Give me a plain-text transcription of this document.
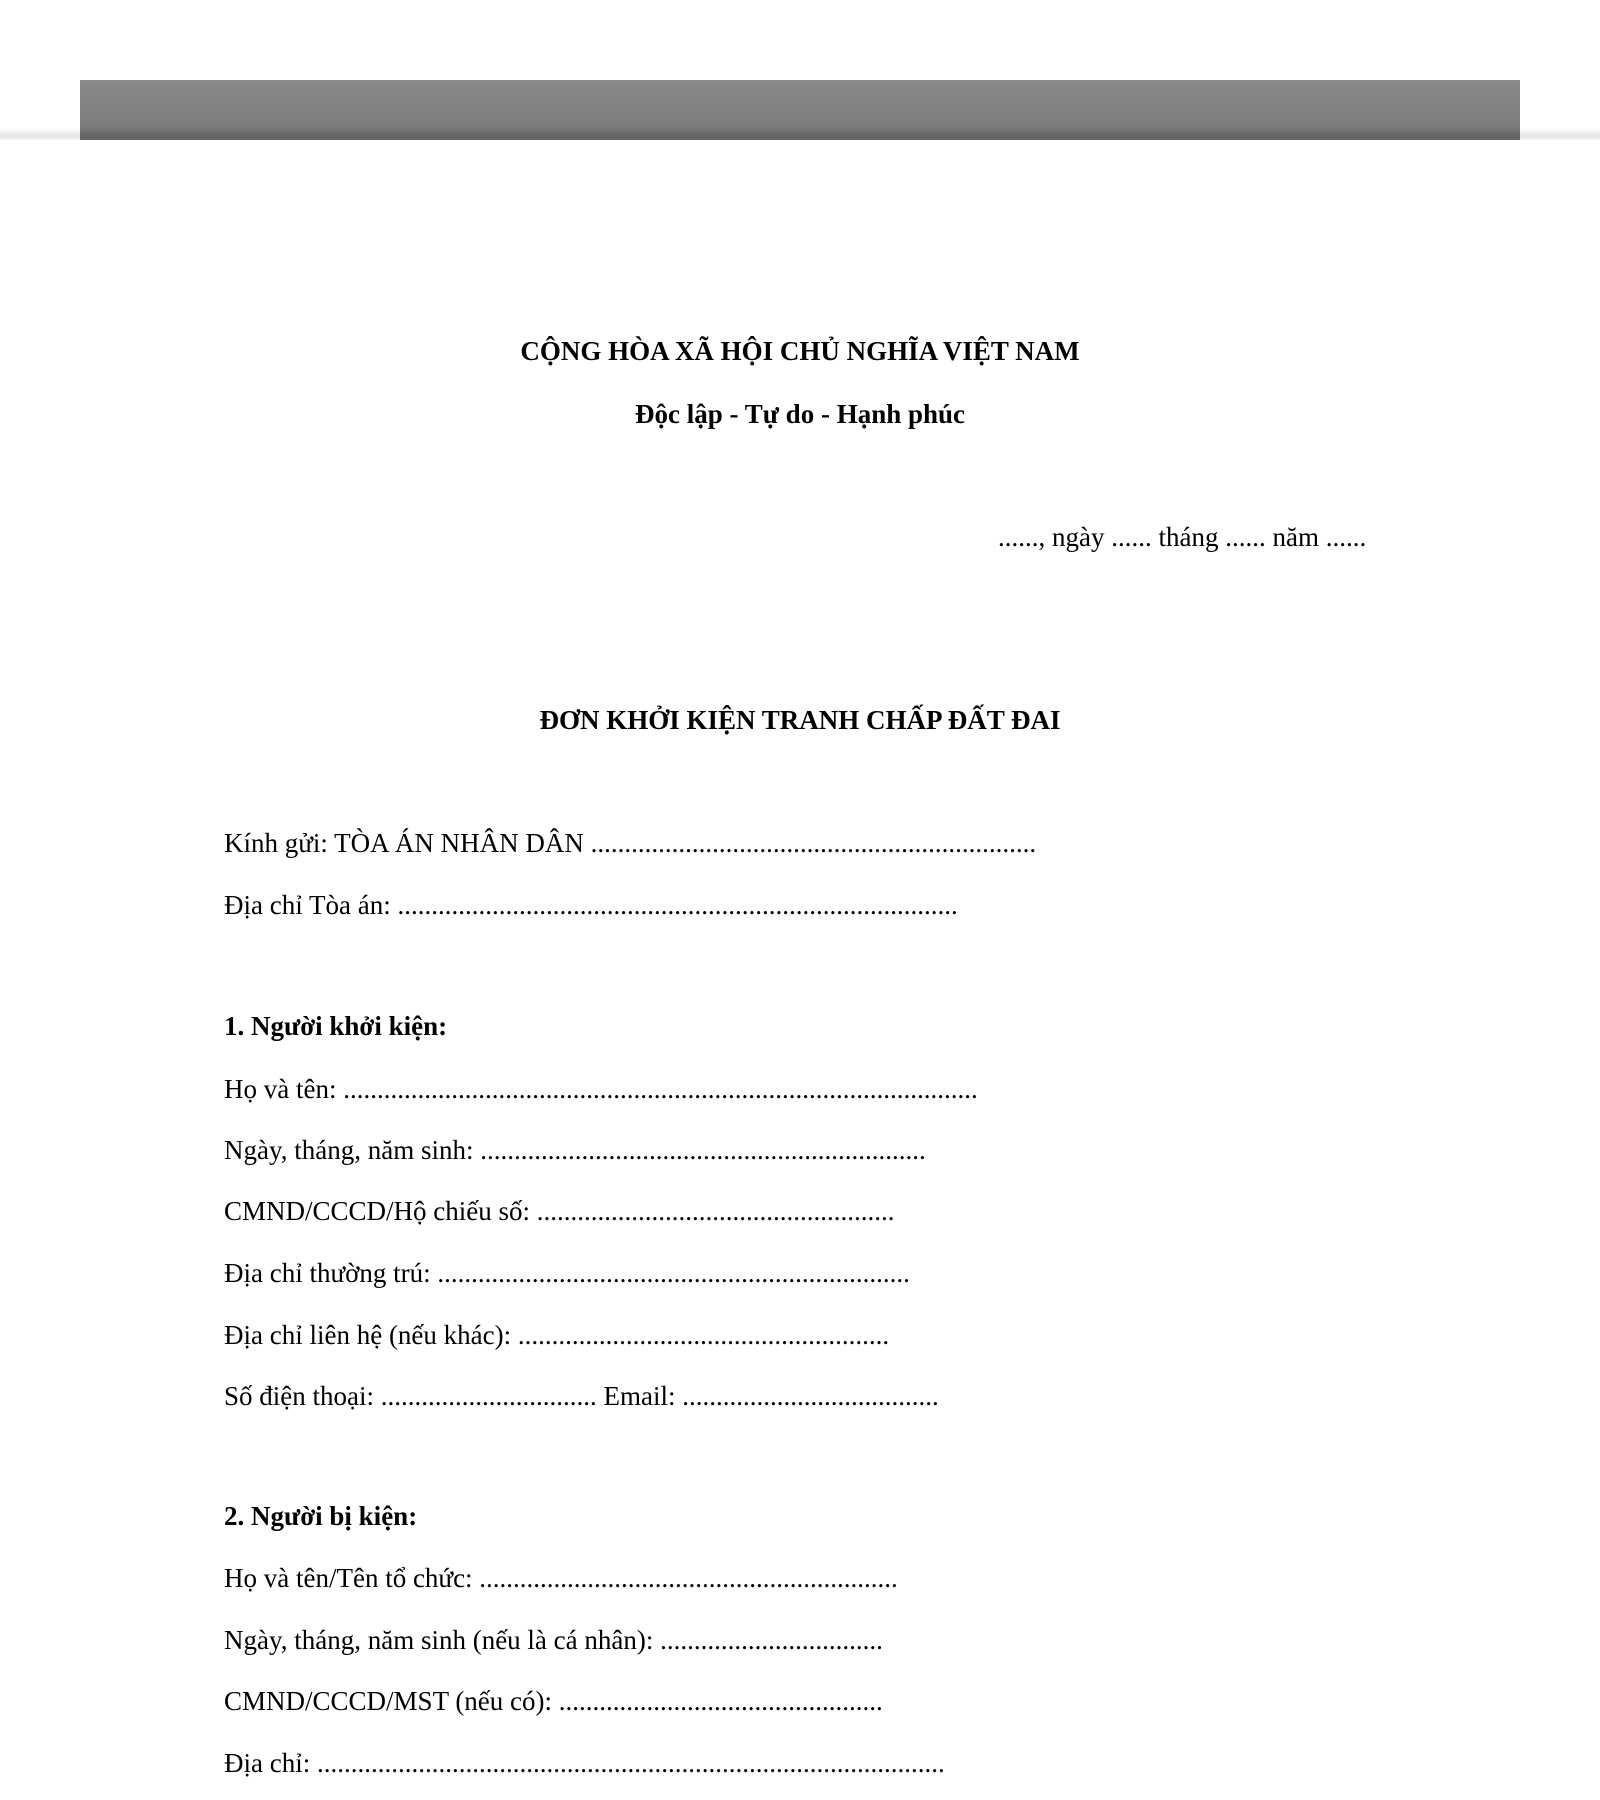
CỘNG HÒA XÃ HỘI CHỦ NGHĨA VIỆT NAM
Độc lập - Tự do - Hạnh phúc
......, ngày ...... tháng ...... năm ......
ĐƠN KHỞI KIỆN TRANH CHẤP ĐẤT ĐAI
Kính gửi: TÒA ÁN NHÂN DÂN ..................................................................
Địa chỉ Tòa án: ...................................................................................
1. Người khởi kiện:
Họ và tên: ..............................................................................................
Ngày, tháng, năm sinh: ..................................................................
CMND/CCCD/Hộ chiếu số: .....................................................
Địa chỉ thường trú: ......................................................................
Địa chỉ liên hệ (nếu khác): .......................................................
Số điện thoại: ................................ Email: ......................................
2. Người bị kiện:
Họ và tên/Tên tổ chức: ..............................................................
Ngày, tháng, năm sinh (nếu là cá nhân): .................................
CMND/CCCD/MST (nếu có): ................................................
Địa chỉ: .............................................................................................
